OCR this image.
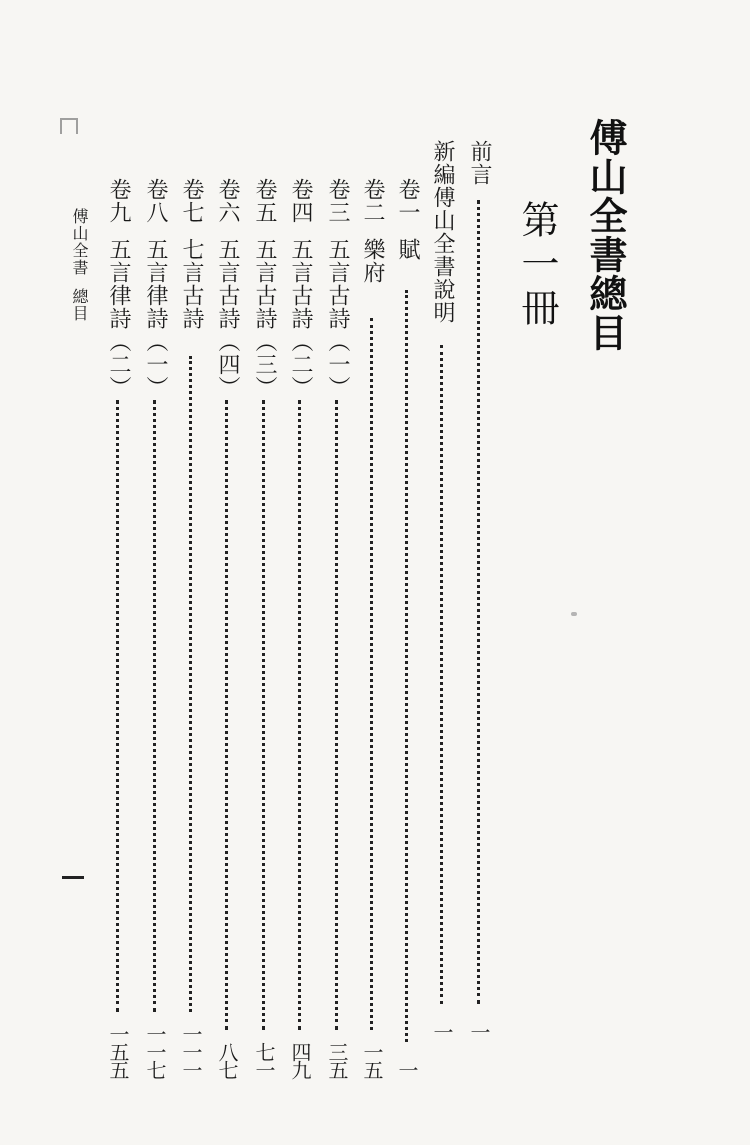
傅山全書總目
第一冊
前言
一
新編傅山全書說明
一
卷一賦
一
卷二樂府
一五
卷三五言古詩（一）
三五
卷四五言古詩（二）
四九
卷五五言古詩（三）
七一
卷六五言古詩（四）
八七
卷七七言古詩
一一一
卷八五言律詩（一）
一一七
卷九五言律詩（二）
一五五
傅山全書總目
